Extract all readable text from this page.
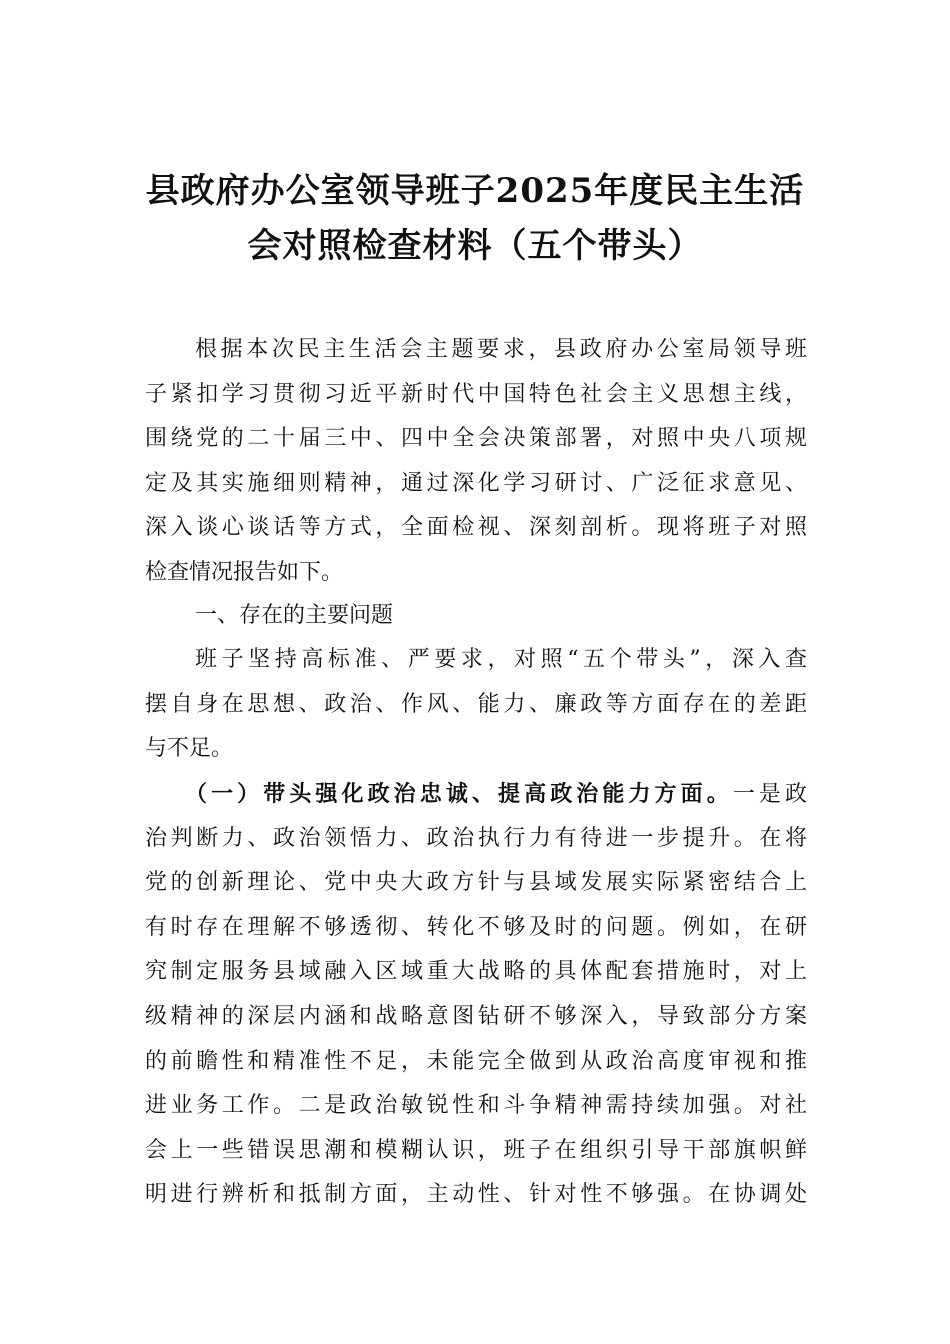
县政府办公室领导班子2025年度民主生活
会对照检查材料（五个带头）
根据本次民主生活会主题要求，县政府办公室局领导班
子紧扣学习贯彻习近平新时代中国特色社会主义思想主线，
围绕党的二十届三中、四中全会决策部署，对照中央八项规
定及其实施细则精神，通过深化学习研讨、广泛征求意见、
深入谈心谈话等方式，全面检视、深刻剖析。现将班子对照
检查情况报告如下。
一、存在的主要问题
班子坚持高标准、严要求，对照“五个带头”，深入查
摆自身在思想、政治、作风、能力、廉政等方面存在的差距
与不足。
（一）带头强化政治忠诚、提高政治能力方面。一是政
治判断力、政治领悟力、政治执行力有待进一步提升。在将
党的创新理论、党中央大政方针与县域发展实际紧密结合上
有时存在理解不够透彻、转化不够及时的问题。例如，在研
究制定服务县域融入区域重大战略的具体配套措施时，对上
级精神的深层内涵和战略意图钻研不够深入，导致部分方案
的前瞻性和精准性不足，未能完全做到从政治高度审视和推
进业务工作。二是政治敏锐性和斗争精神需持续加强。对社
会上一些错误思潮和模糊认识，班子在组织引导干部旗帜鲜
明进行辨析和抵制方面，主动性、针对性不够强。在协调处
